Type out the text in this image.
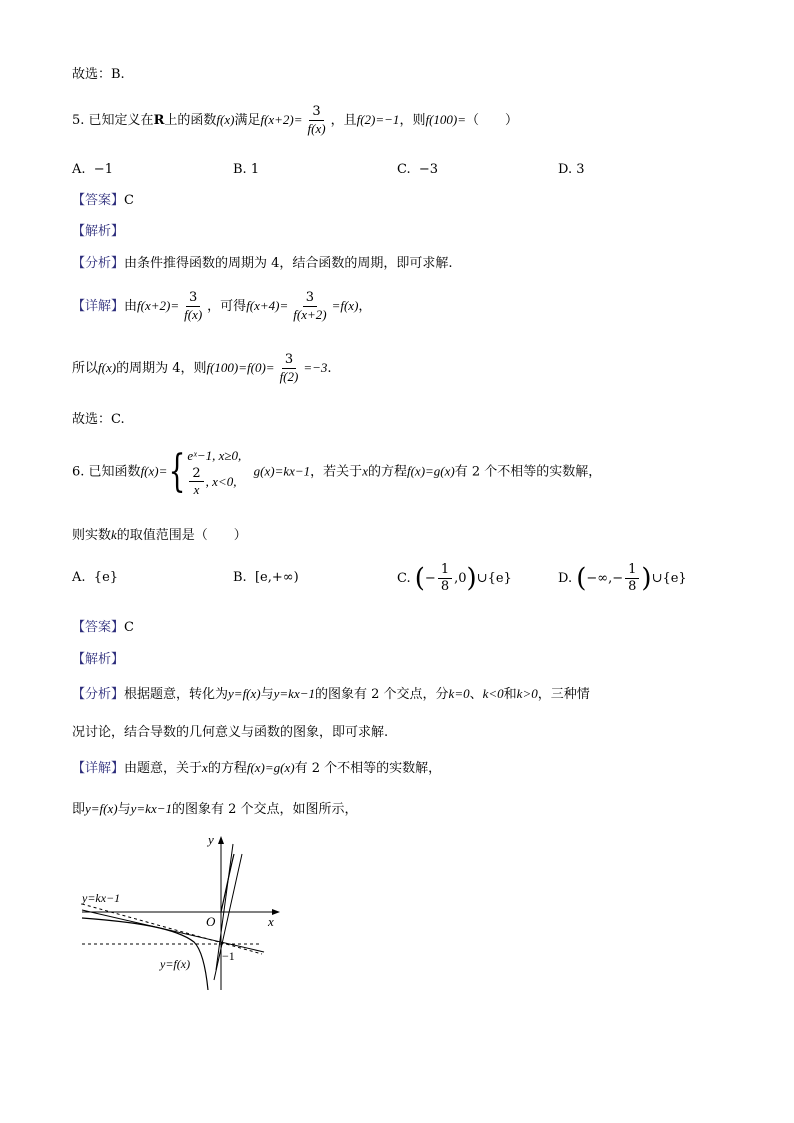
故选：B.
5. 已知定义在R上的函数f(x)满足$f(x+2)= \frac{3}{f(x)}$ ，且f(2)=−1，则f(100)=（　　）
A. −1	B. 1	C. −3	D. 3
【答案】C
【解析】
【分析】由条件推得函数的周期为 4，结合函数的周期，即可求解.
【详解】由$f(x+2)= \frac{3}{f(x)}$ ，可得$f(x+4)= \frac{3}{f(x+2)} =f(x)$，
所以f(x)的周期为 4，则$f(100)=f(0)= \frac{3}{f(2)} =-3$.
故选：C.
6. 已知函数f(x)= { eˣ−1, x≥0,
$\frac{2}{x}$ , x<0,
g(x)=kx−1，若关于x的方程f(x)=g(x)有 2 个不相等的实数解，
则实数k的取值范围是（　　）
A. {e}	B. [e,+∞)	C. (− $\frac{1}{8}$ ,0)∪{e}	D. (−∞,− $\frac{1}{8}$ )∪{e}
【答案】C
【解析】
【分析】根据题意，转化为y=f(x)与y=kx−1的图象有 2 个交点，分k=0、k<0和k>0，三种情
况讨论，结合导数的几何意义与函数的图象，即可求解.
【详解】由题意，关于x的方程f(x)=g(x)有 2 个不相等的实数解，
即y=f(x)与y=kx−1的图象有 2 个交点，如图所示，
y=kx−1
y=f(x)
x
y
O
−1
